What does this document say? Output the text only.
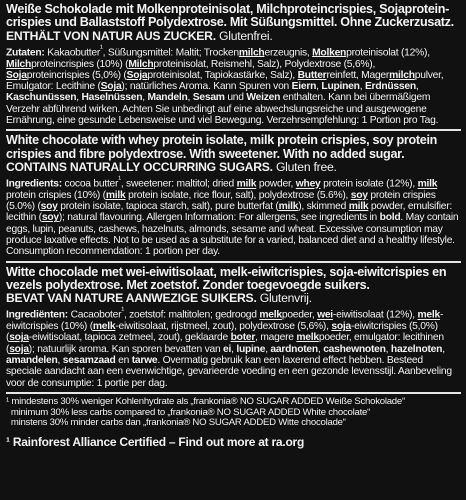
Weiße Schokolade mit Molkenproteinisolat, Milchproteincrispies, Sojaprotein-crispies und Ballaststoff Polydextrose. Mit Süßungsmittel. Ohne Zuckerzusatz.
ENTHÄLT VON NATUR AUS ZUCKER. Glutenfrei.
Zutaten: Kakaobutter$^{^1}$, Süßungsmittel: Maltit; Trockenmilcherzeugnis, Molkenproteinisolat (12%), Milchproteincrispies (10%) (Milchproteinisolat, Reismehl, Salz), Polydextrose (5,6%), Sojaproteincrispies (5,0%) (Sojaproteinisolat, Tapiokastärke, Salz), Butterreinfett, Magermilchpulver, Emulgator: Lecithine (Soja); natürliches Aroma. Kann Spuren von Eiern, Lupinen, Erdnüssen, Kaschunüssen, Haselnüssen, Mandeln, Sesam und Weizen enthalten. Kann bei übermäßigem Verzehr abführend wirken. Achten Sie unbedingt auf eine abwechslungsreiche und ausgewogene Ernährung, eine gesunde Lebensweise und viel Bewegung. Verzehrsempfehlung: 1 Portion pro Tag.
White chocolate with whey protein isolate, milk protein crispies, soy protein crispies and fibre polydextrose. With sweetener. With no added sugar.
CONTAINS NATURALLY OCCURRING SUGARS. Gluten free.
Ingredients: cocoa butter$^{^1}$, sweetener: maltitol; dried milk powder, whey protein isolate (12%), milk protein crispies (10%) (milk protein isolate, rice flour, salt), polydextrose (5.6%), soy protein crispies (5.0%) (soy protein isolate, tapioca starch, salt), pure butterfat (milk), skimmed milk powder, emulsifier: lecithin (soy); natural flavouring. Allergen Information: For allergens, see ingredients in bold. May contain eggs, lupin, peanuts, cashews, hazelnuts, almonds, sesame and wheat. Excessive consumption may produce laxative effects. Not to be used as a substitute for a varied, balanced diet and a healthy lifestyle. Consumption recommendation: 1 portion per day.
Witte chocolade met wei-eiwitisolaat, melk-eiwitcrispies, soja-eiwitcrispies en vezels polydextrose. Met zoetstof. Zonder toegevoegde suikers.
BEVAT VAN NATURE AANWEZIGE SUIKERS. Glutenvrij.
Ingrediënten: Cacaoboter$^{^1}$, zoetstof: maltitolen; gedroogd melkpoeder, wei-eiwitisolaat (12%), melk-eiwitcrispies (10%) (melk-eiwitisolaat, rijstmeel, zout), polydextrose (5,6%), soja-eiwitcrispies (5,0%) (soja-eiwitisolaat, tapioca zetmeel, zout), geklaarde boter, magere melkpoeder, emulgator: lecithinen (soja); natuurlijk aroma. Kan sporen bevatten van ei, lupine, aardnoten, cashewnoten, hazelnoten, amandelen, sesamzaad en tarwe. Overmatig gebruik kan een laxerend effect hebben. Besteed speciale aandacht aan een evenwichtige, gevarieerde voeding en een gezonde levensstijl. Aanbeveling voor de consumptie: 1 portie per dag.
¹ mindestens 30% weniger Kohlenhydrate als „frankonia® NO SUGAR ADDED Weiße Schokolade“
minimum 30% less carbs compared to „frankonia® NO SUGAR ADDED White chocolate“
minstens 30% minder carbs dan „frankonia® NO SUGAR ADDED Witte chocolade“
¹ Rainforest Alliance Certified – Find out more at ra.org
